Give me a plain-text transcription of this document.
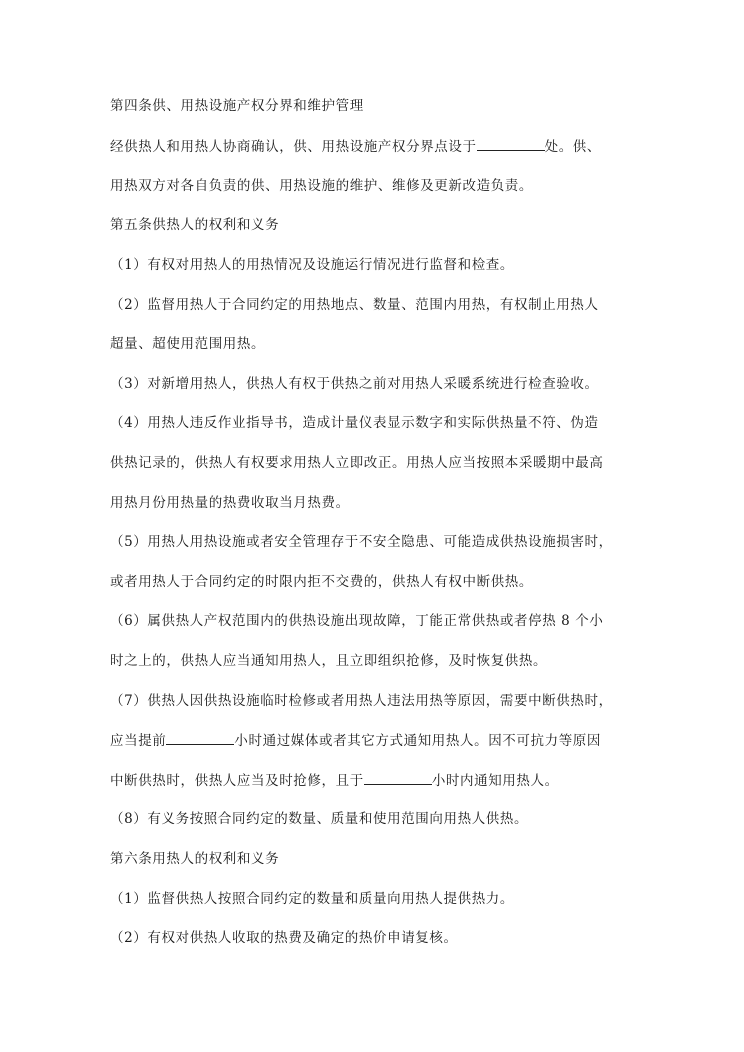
第四条供、用热设施产权分界和维护管理
经供热人和用热人协商确认，供、用热设施产权分界点设于	处。供、
用热双方对各自负责的供、用热设施的维护、维修及更新改造负责。
第五条供热人的权利和义务
（1）有权对用热人的用热情况及设施运行情况进行监督和检查。
（2）监督用热人于合同约定的用热地点、数量、范围内用热，有权制止用热人
超量、超使用范围用热。
（3）对新增用热人，供热人有权于供热之前对用热人采暖系统进行检查验收。
（4）用热人违反作业指导书，造成计量仪表显示数字和实际供热量不符、伪造
供热记录的，供热人有权要求用热人立即改正。用热人应当按照本采暖期中最高
用热月份用热量的热费收取当月热费。
（5）用热人用热设施或者安全管理存于不安全隐患、可能造成供热设施损害时，
或者用热人于合同约定的时限内拒不交费的，供热人有权中断供热。
（6）属供热人产权范围内的供热设施出现故障，丁能正常供热或者停热 8 个小
时之上的，供热人应当通知用热人，且立即组织抢修，及时恢复供热。
（7）供热人因供热设施临时检修或者用热人违法用热等原因，需要中断供热时，
应当提前	小时通过媒体或者其它方式通知用热人。因不可抗力等原因
中断供热时，供热人应当及时抢修，且于	小时内通知用热人。
（8）有义务按照合同约定的数量、质量和使用范围向用热人供热。
第六条用热人的权利和义务
（1）监督供热人按照合同约定的数量和质量向用热人提供热力。
（2）有权对供热人收取的热费及确定的热价申请复核。
